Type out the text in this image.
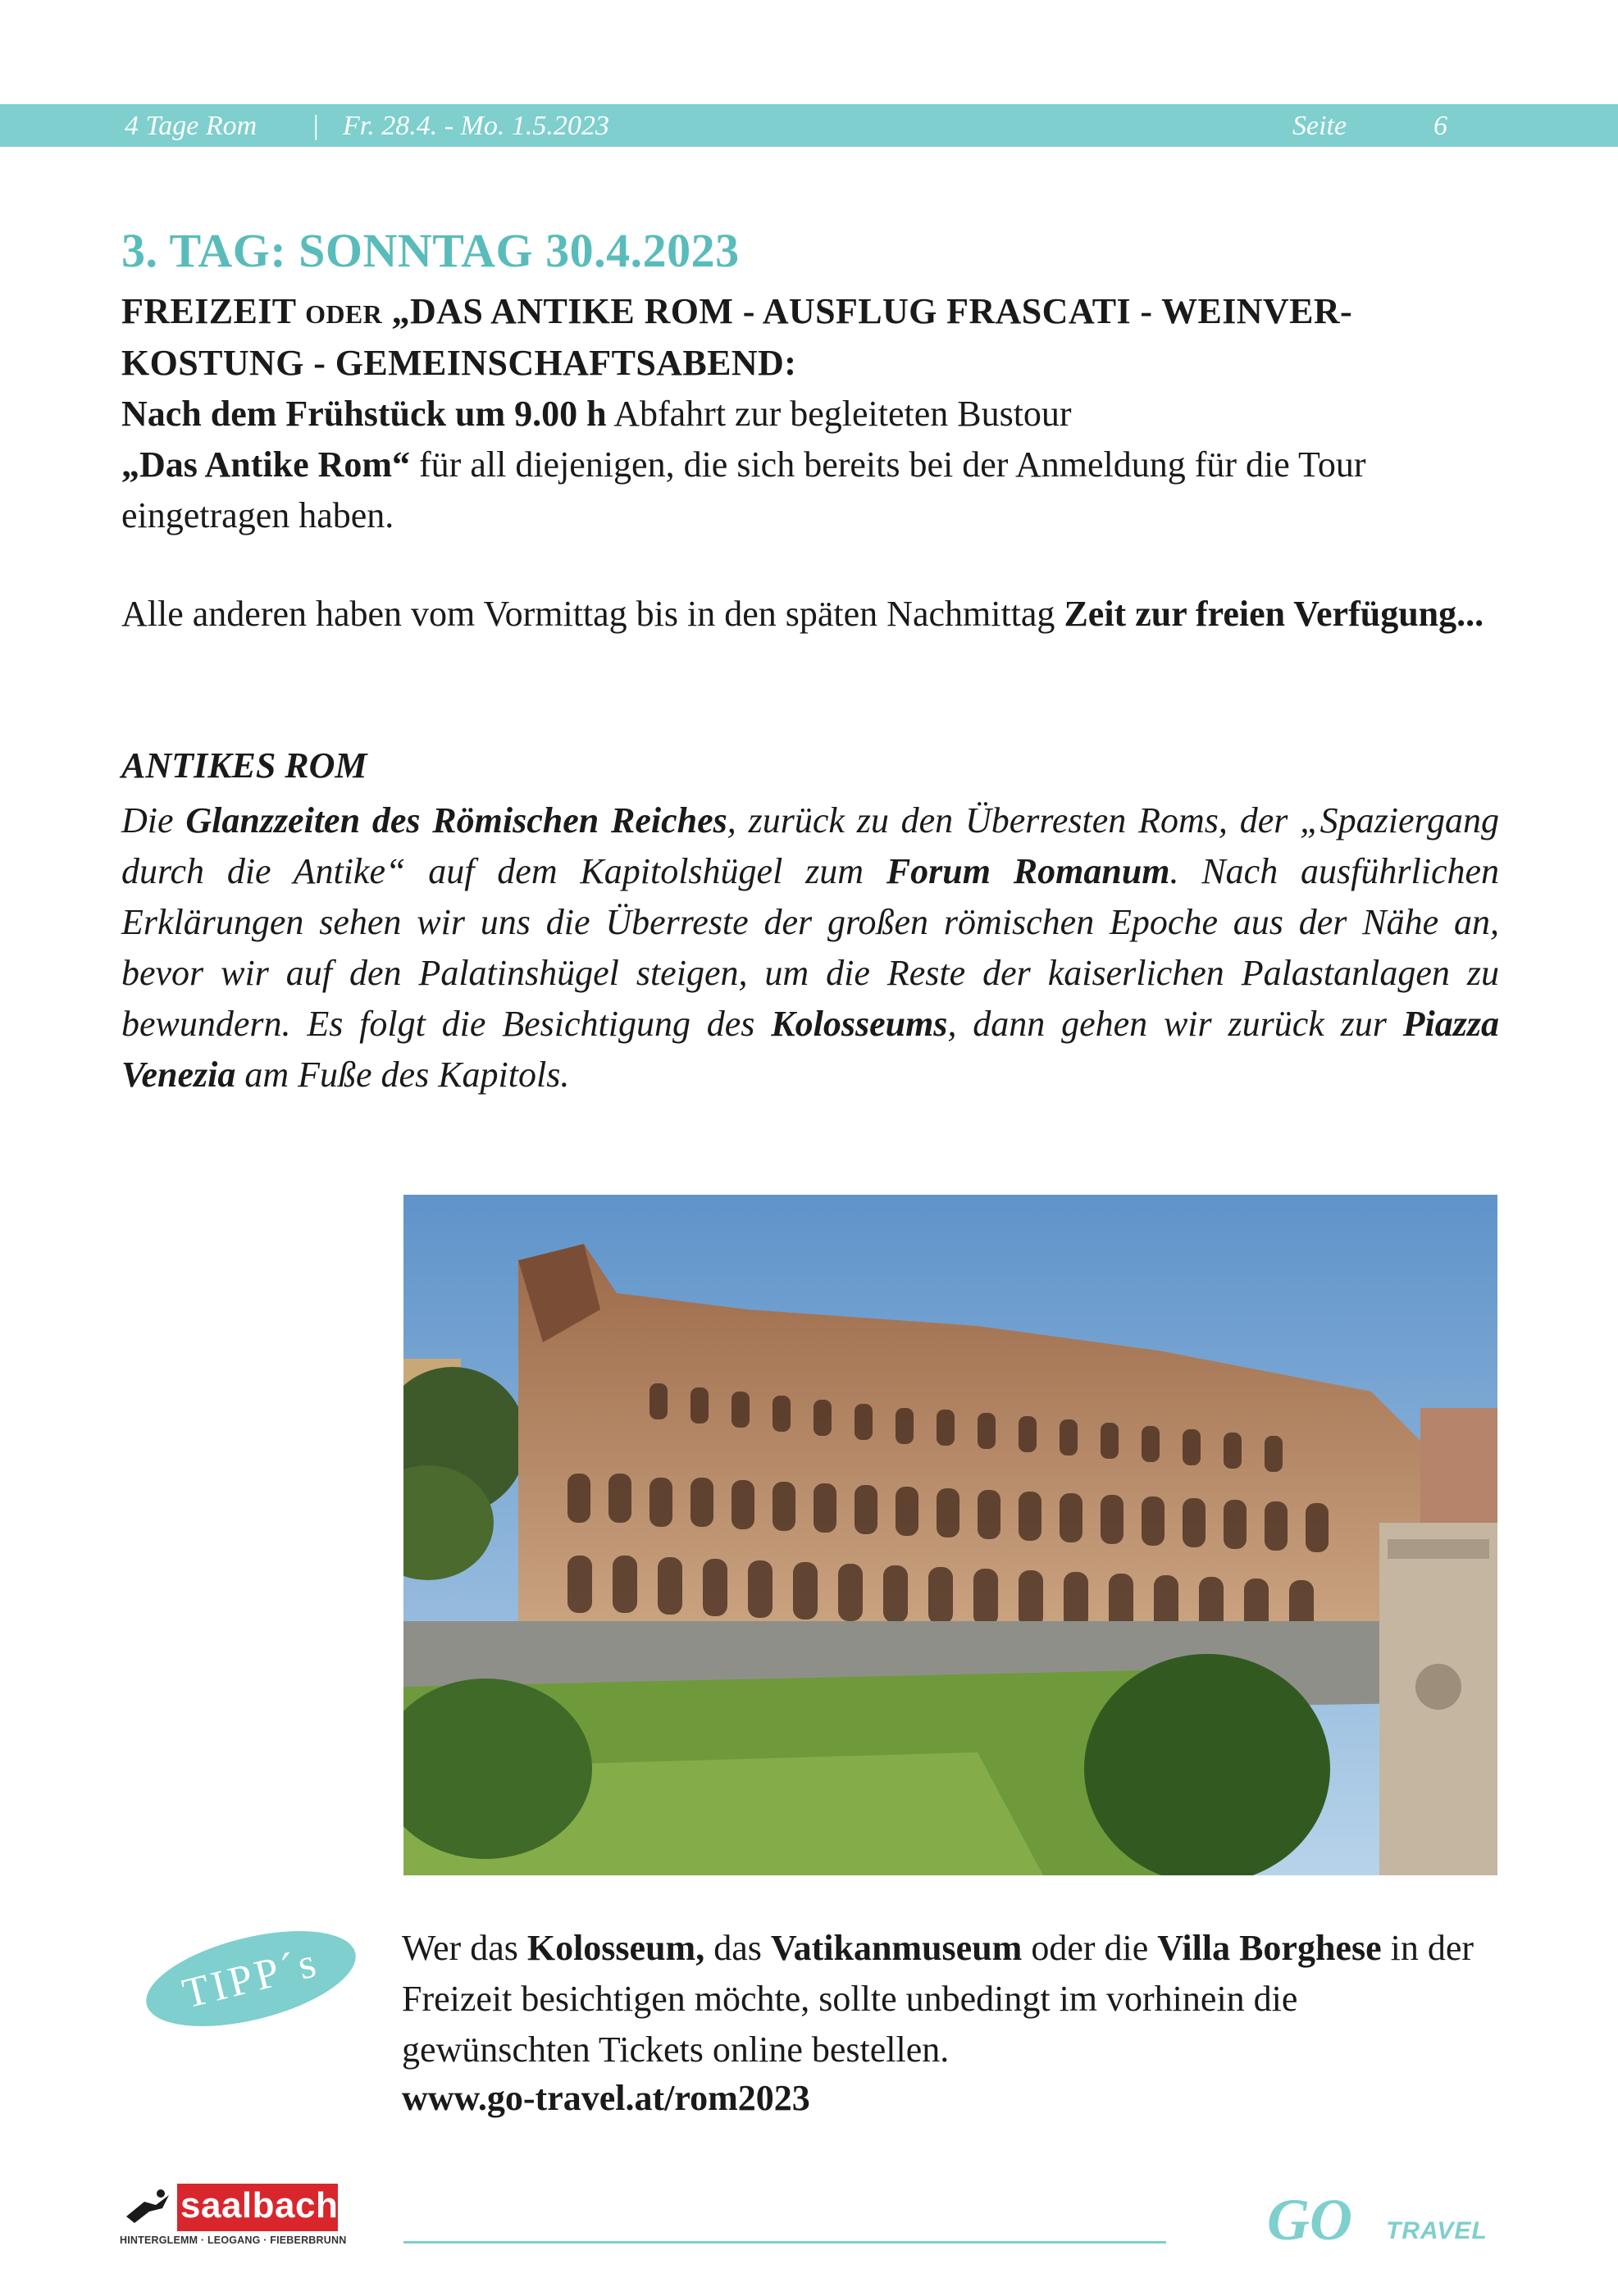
4 Tage Rom | Fr. 28.4. - Mo. 1.5.2023	Seite	6
3. TAG: SONNTAG 30.4.2023

FREIZEIT ODER „DAS ANTIKE ROM - AUSFLUG FRASCATI - WEINVER-KOSTUNG - GEMEINSCHAFTSABEND:

Nach dem Frühstück um 9.00 h Abfahrt zur begleiteten Bustour
„Das Antike Rom“ für all diejenigen, die sich bereits bei der Anmeldung für die Tour eingetragen haben.

Alle anderen haben vom Vormittag bis in den späten Nachmittag Zeit zur freien Verfügung...

ANTIKES ROM

Die Glanzzeiten des Römischen Reiches, zurück zu den Überresten Roms, der „Spaziergang durch die Antike“ auf dem Kapitolshügel zum Forum Romanum. Nach ausführlichen Erklärungen sehen wir uns die Überreste der großen römischen Epoche aus der Nähe an, bevor wir auf den Palatinshügel steigen, um die Reste der kaiserlichen Palastanlagen zu bewundern. Es folgt die Besichtigung des Kolosseums, dann gehen wir zurück zur Piazza Venezia am Fuße des Kapitols.

TIPP´s	Wer das Kolosseum, das Vatikanmuseum oder die Villa Borghese in der Freizeit besichtigen möchte, sollte unbedingt im vorhinein die gewünschten Tickets online bestellen.

www.go-travel.at/rom2023

saalbach
HINTERGLEMM · LEOGANG · FIEBERBRUNN	GO TRAVEL
